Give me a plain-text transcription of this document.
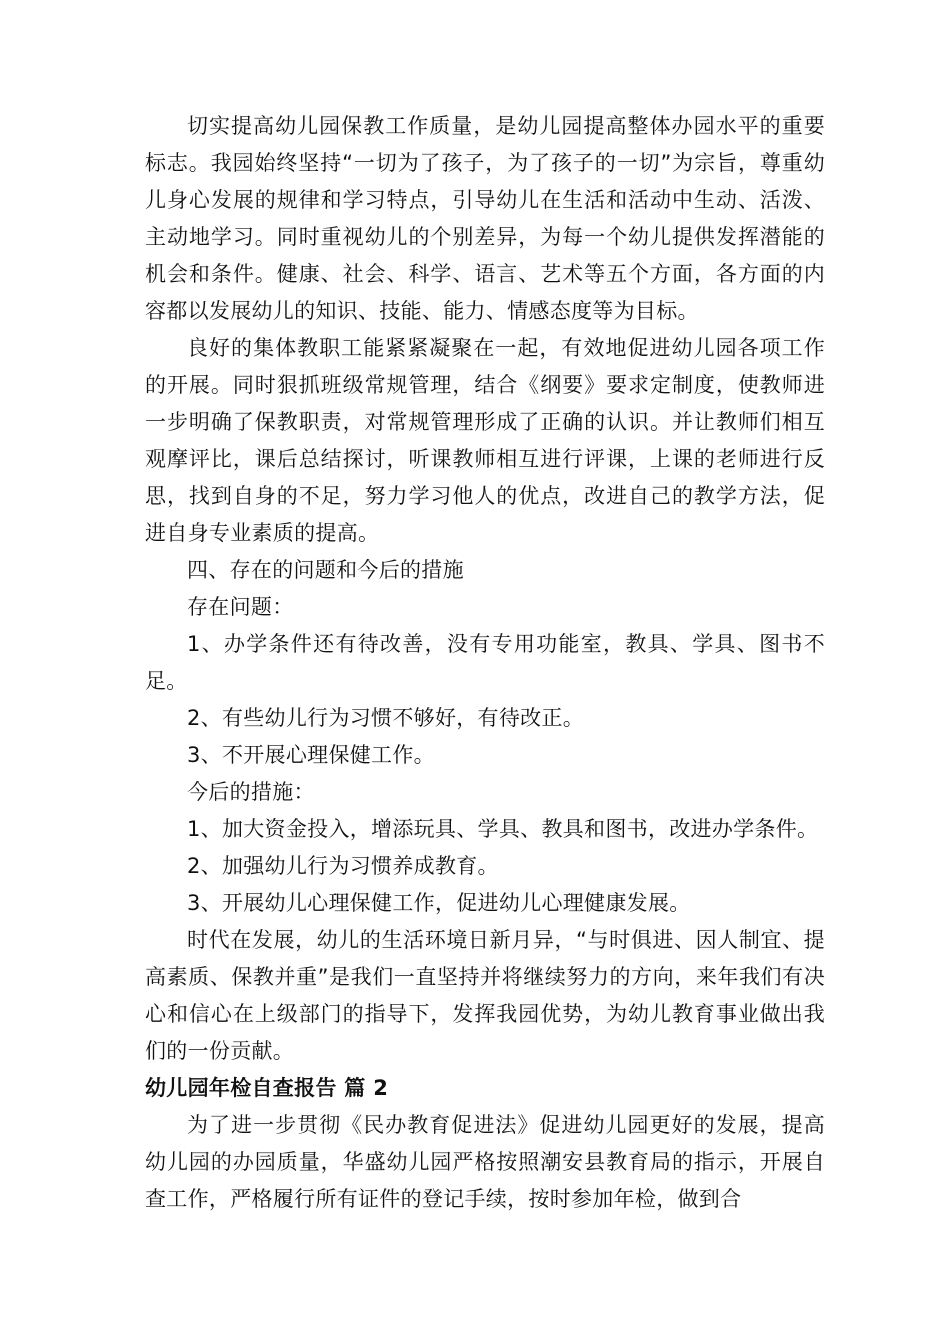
切实提高幼儿园保教工作质量，是幼儿园提高整体办园水平的重要标志。我园始终坚持“一切为了孩子，为了孩子的一切”为宗旨，尊重幼儿身心发展的规律和学习特点，引导幼儿在生活和活动中生动、活泼、主动地学习。同时重视幼儿的个别差异，为每一个幼儿提供发挥潜能的机会和条件。健康、社会、科学、语言、艺术等五个方面，各方面的内容都以发展幼儿的知识、技能、能力、情感态度等为目标。

良好的集体教职工能紧紧凝聚在一起，有效地促进幼儿园各项工作的开展。同时狠抓班级常规管理，结合《纲要》要求定制度，使教师进一步明确了保教职责，对常规管理形成了正确的认识。并让教师们相互观摩评比，课后总结探讨，听课教师相互进行评课，上课的老师进行反思，找到自身的不足，努力学习他人的优点，改进自己的教学方法，促进自身专业素质的提高。

四、存在的问题和今后的措施

存在问题：

1、办学条件还有待改善，没有专用功能室，教具、学具、图书不足。

2、有些幼儿行为习惯不够好，有待改正。

3、不开展心理保健工作。

今后的措施：

1、加大资金投入，增添玩具、学具、教具和图书，改进办学条件。

2、加强幼儿行为习惯养成教育。

3、开展幼儿心理保健工作，促进幼儿心理健康发展。

时代在发展，幼儿的生活环境日新月异，“与时俱进、因人制宜、提高素质、保教并重”是我们一直坚持并将继续努力的方向，来年我们有决心和信心在上级部门的指导下，发挥我园优势，为幼儿教育事业做出我们的一份贡献。

幼儿园年检自查报告 篇 2

为了进一步贯彻《民办教育促进法》促进幼儿园更好的发展，提高幼儿园的办园质量，华盛幼儿园严格按照潮安县教育局的指示，开展自查工作，严格履行所有证件的登记手续，按时参加年检，做到合
